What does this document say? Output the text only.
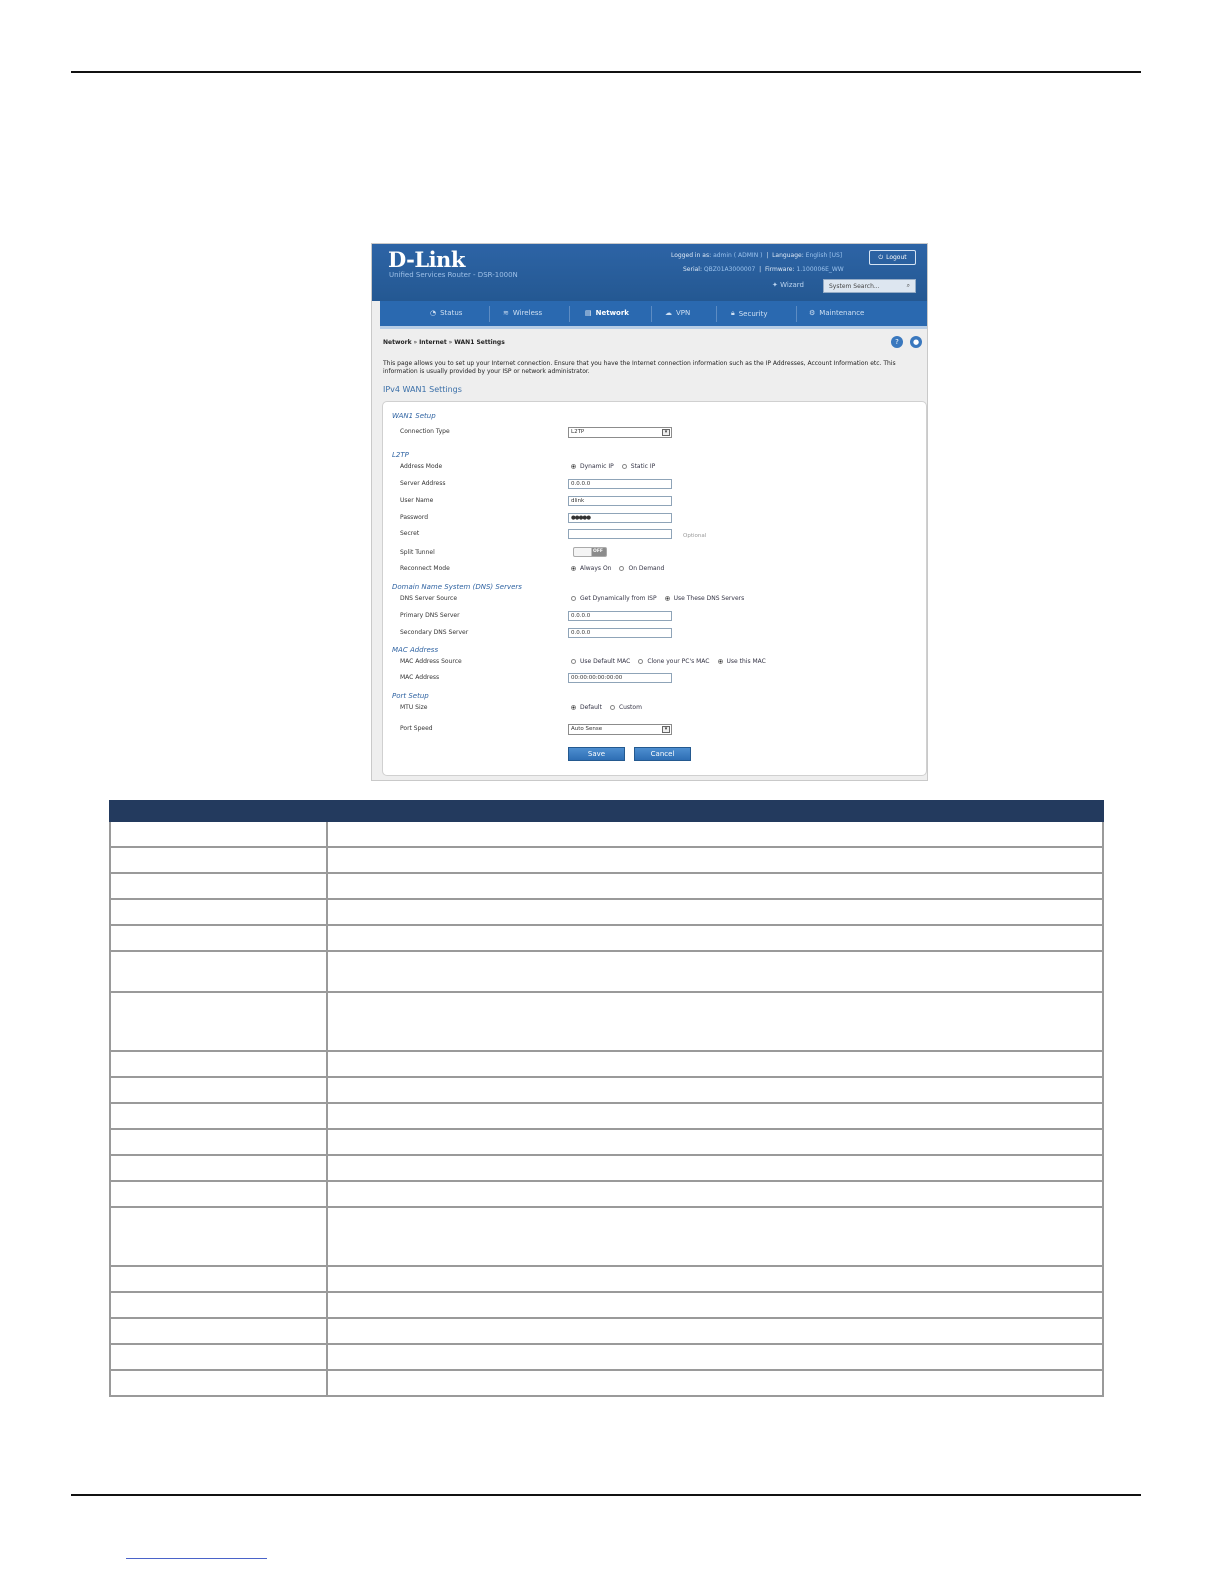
D-Link
Unified Services Router - DSR-1000N
Logged in as: admin ( ADMIN )  |  Language: English [US]
Serial: QBZ01A3000007  |  Firmware: 1.100006E_WW
⏻ Logout
✦ Wizard	System Search...	⌕
◔ Status	≋ Wireless	▤ Network	☁ VPN	🔒︎ Security	⚙ Maintenance
Network » Internet » WAN1 Settings	?	●
This page allows you to set up your Internet connection. Ensure that you have the Internet connection information such as the IP Addresses, Account Information etc. This information is usually provided by your ISP or network administrator.
IPv4 WAN1 Settings
WAN1 Setup
Connection Type	L2TP	▾
L2TP
Address Mode	Dynamic IP	Static IP
Server Address	0.0.0.0
User Name	dlink
Password	●●●●●
Secret	Optional
Split Tunnel	OFF
Reconnect Mode	Always On	On Demand
Domain Name System (DNS) Servers
DNS Server Source	Get Dynamically from ISP	Use These DNS Servers
Primary DNS Server	0.0.0.0
Secondary DNS Server	0.0.0.0
MAC Address
MAC Address Source	Use Default MAC	Clone your PC's MAC	Use this MAC
MAC Address	00:00:00:00:00:00
Port Setup
MTU Size	Default	Custom
Port Speed	Auto Sense	▾
Save	Cancel
